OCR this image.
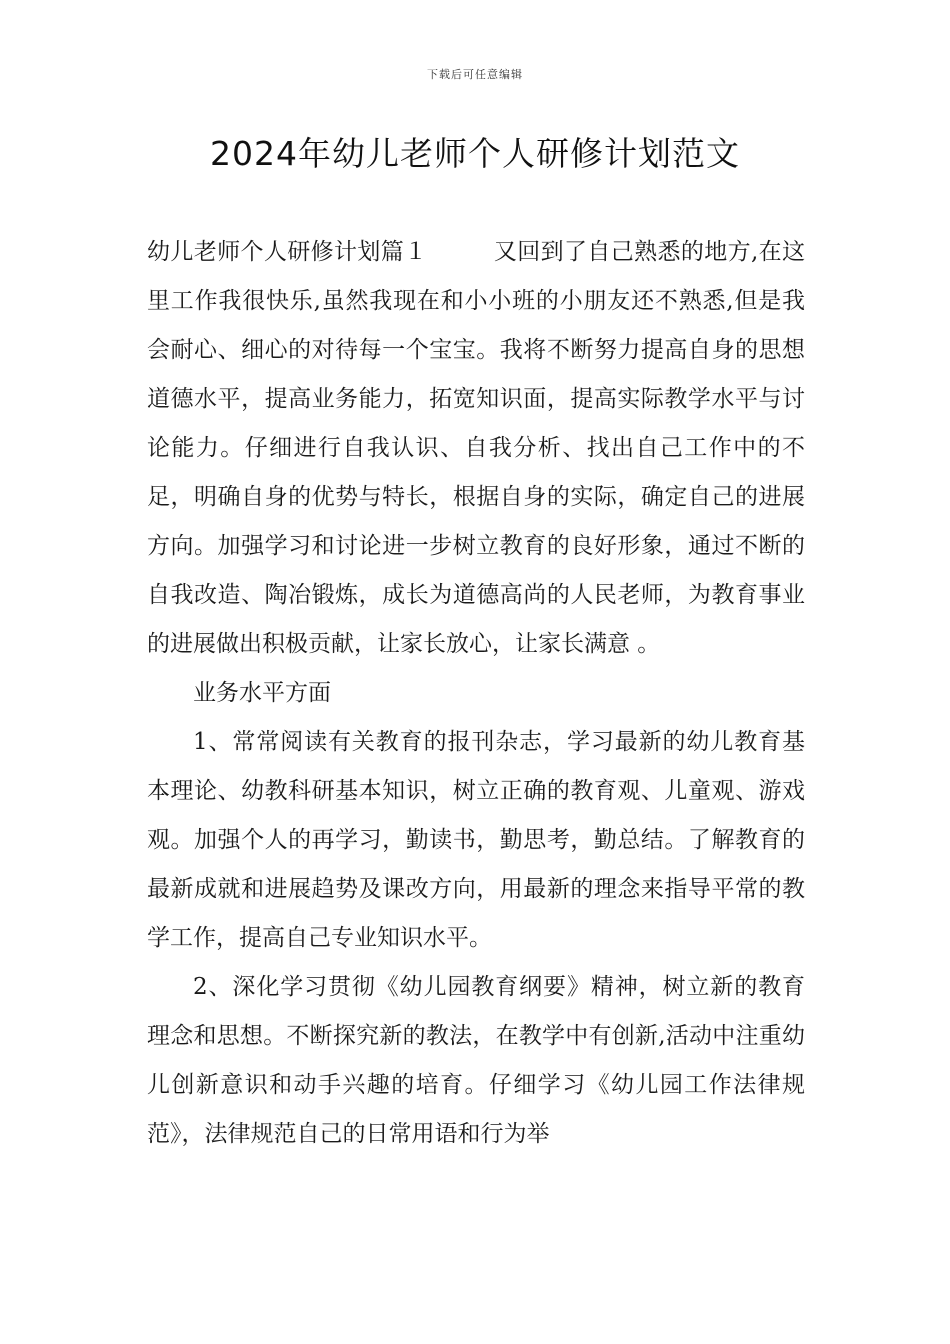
下载后可任意编辑
2024年幼儿老师个人研修计划范文

幼儿老师个人研修计划篇１	又回到了自己熟悉的地方,在这里工作我很快乐,虽然我现在和小小班的小朋友还不熟悉,但是我会耐心、细心的对待每一个宝宝。我将不断努力提高自身的思想道德水平，提高业务能力，拓宽知识面，提高实际教学水平与讨论能力。仔细进行自我认识、自我分析、找出自己工作中的不足，明确自身的优势与特长，根据自身的实际，确定自己的进展方向。加强学习和讨论进一步树立教育的良好形象，通过不断的自我改造、陶冶锻炼，成长为道德高尚的人民老师，为教育事业的进展做出积极贡献，让家长放心，让家长满意 。

业务水平方面

1、常常阅读有关教育的报刊杂志，学习最新的幼儿教育基本理论、幼教科研基本知识，树立正确的教育观、儿童观、游戏观。加强个人的再学习，勤读书，勤思考，勤总结。了解教育的最新成就和进展趋势及课改方向，用最新的理念来指导平常的教学工作，提高自己专业知识水平。

2、深化学习贯彻《幼儿园教育纲要》精神，树立新的教育理念和思想。不断探究新的教法，在教学中有创新,活动中注重幼儿创新意识和动手兴趣的培育。仔细学习《幼儿园工作法律规范》，法律规范自己的日常用语和行为举
